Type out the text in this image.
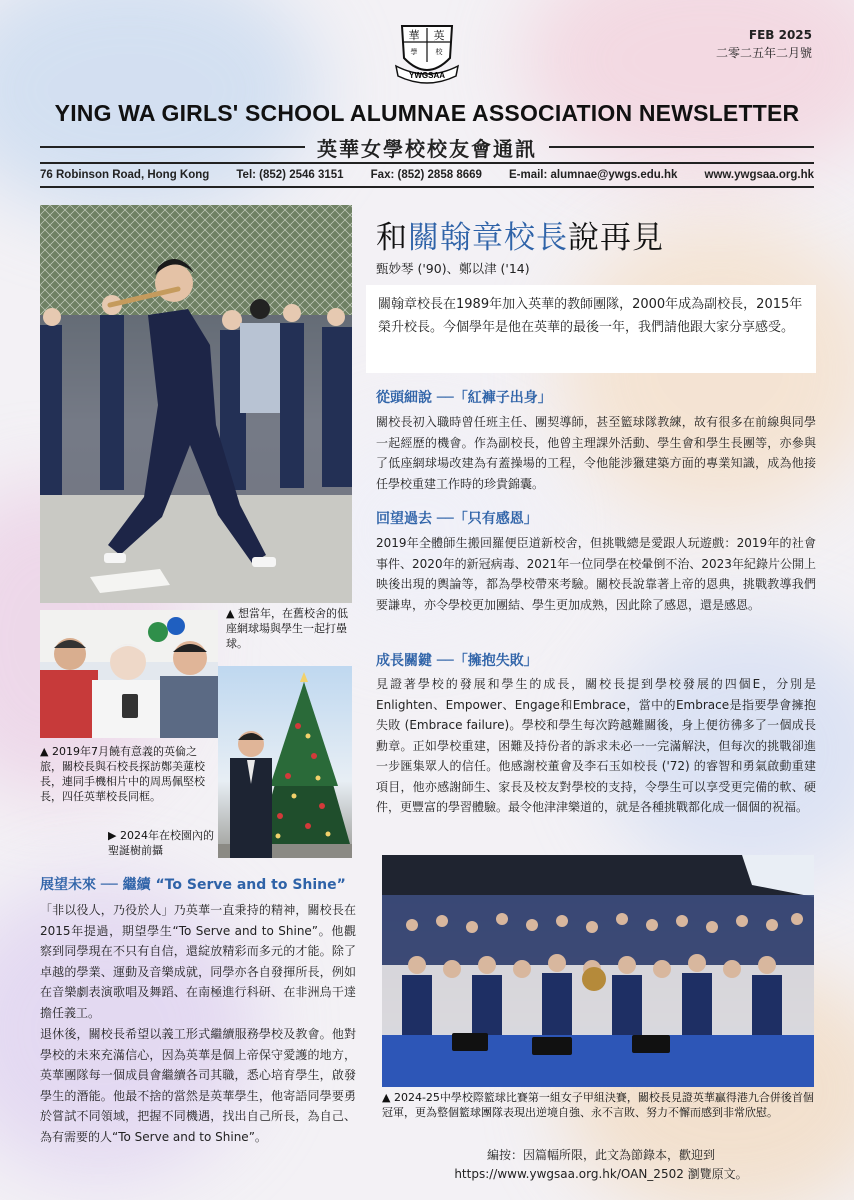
華 英
學	校
YWGSAA
FEB 2025
二零二五年二月號
YING WA GIRLS' SCHOOL ALUMNAE ASSOCIATION NEWSLETTER
英華女學校校友會通訊
76 Robinson Road, Hong Kong Tel: (852) 2546 3151 Fax: (852) 2858 8669 E-mail: alumnae@ywgs.edu.hk www.ywgsaa.org.hk
▲ 想當年，在舊校舍的低座網球場與學生一起打壘球。
▲ 2019年7月饒有意義的英倫之旅，關校長與石校長探訪鄭美蓮校長，連同手機相片中的周馬佩堅校長，四任英華校長同框。
▶ 2024年在校園內的聖誕樹前攝
和關翰章校長說再見
甄妙琴 ('90)、鄭以津 ('14)
關翰章校長在1989年加入英華的教師團隊，2000年成為副校長，2015年榮升校長。今個學年是他在英華的最後一年，我們請他跟大家分享感受。
從頭細說 ──「紅褲子出身」
關校長初入職時曾任班主任、團契導師，甚至籃球隊教練，故有很多在前線與同學一起經歷的機會。作為副校長，他曾主理課外活動、學生會和學生長團等，亦參與了低座網球場改建為有蓋操場的工程，令他能涉獵建築方面的專業知識，成為他接任學校重建工作時的珍貴錦囊。
回望過去 ──「只有感恩」
2019年全體師生搬回羅便臣道新校舍，但挑戰總是愛跟人玩遊戲：2019年的社會事件、2020年的新冠病毒、2021年一位同學在校暈倒不治、2023年紀錄片公開上映後出現的輿論等，都為學校帶來考驗。關校長說靠著上帝的恩典，挑戰教導我們要謙卑，亦令學校更加團結、學生更加成熟，因此除了感恩，還是感恩。
成長關鍵 ──「擁抱失敗」
見證著學校的發展和學生的成長，關校長提到學校發展的四個E，分別是Enlighten、Empower、Engage和Embrace，當中的Embrace是指要學會擁抱失敗 (Embrace failure)。學校和學生每次跨越難關後，身上便彷彿多了一個成長勳章。正如學校重建，困難及持份者的訴求未必一一完滿解決，但每次的挑戰卻進一步匯集眾人的信任。他感謝校董會及李石玉如校長 ('72) 的睿智和勇氣啟動重建項目，他亦感謝師生、家長及校友對學校的支持，令學生可以享受更完備的軟、硬件，更豐富的學習體驗。最令他津津樂道的，就是各種挑戰都化成一個個的祝福。
展望未來 ── 繼續 “To Serve and to Shine”
「非以役人，乃役於人」乃英華一直秉持的精神，關校長在2015年提過，期望學生“To Serve and to Shine”。他觀察到同學現在不只有自信，還綻放精彩而多元的才能。除了卓越的學業、運動及音樂成就，同學亦各自發揮所長，例如在音樂劇表演歌唱及舞蹈、在南極進行科研、在非洲烏干達擔任義工。
退休後，關校長希望以義工形式繼續服務學校及教會。他對學校的未來充滿信心，因為英華是個上帝保守愛護的地方，英華團隊每一個成員會繼續各司其職，悉心培育學生，啟發學生的潛能。他最不捨的當然是英華學生，他寄語同學要勇於嘗試不同領域，把握不同機遇，找出自己所長，為自己、為有需要的人“To Serve and to Shine”。
▲ 2024-25中學校際籃球比賽第一組女子甲組決賽，關校長見證英華贏得港九合併後首個冠軍，更為整個籃球團隊表現出逆境自強、永不言敗、努力不懈而感到非常欣慰。
編按：因篇幅所限，此文為節錄本，歡迎到 https://www.ywgsaa.org.hk/OAN_2502 瀏覽原文。
